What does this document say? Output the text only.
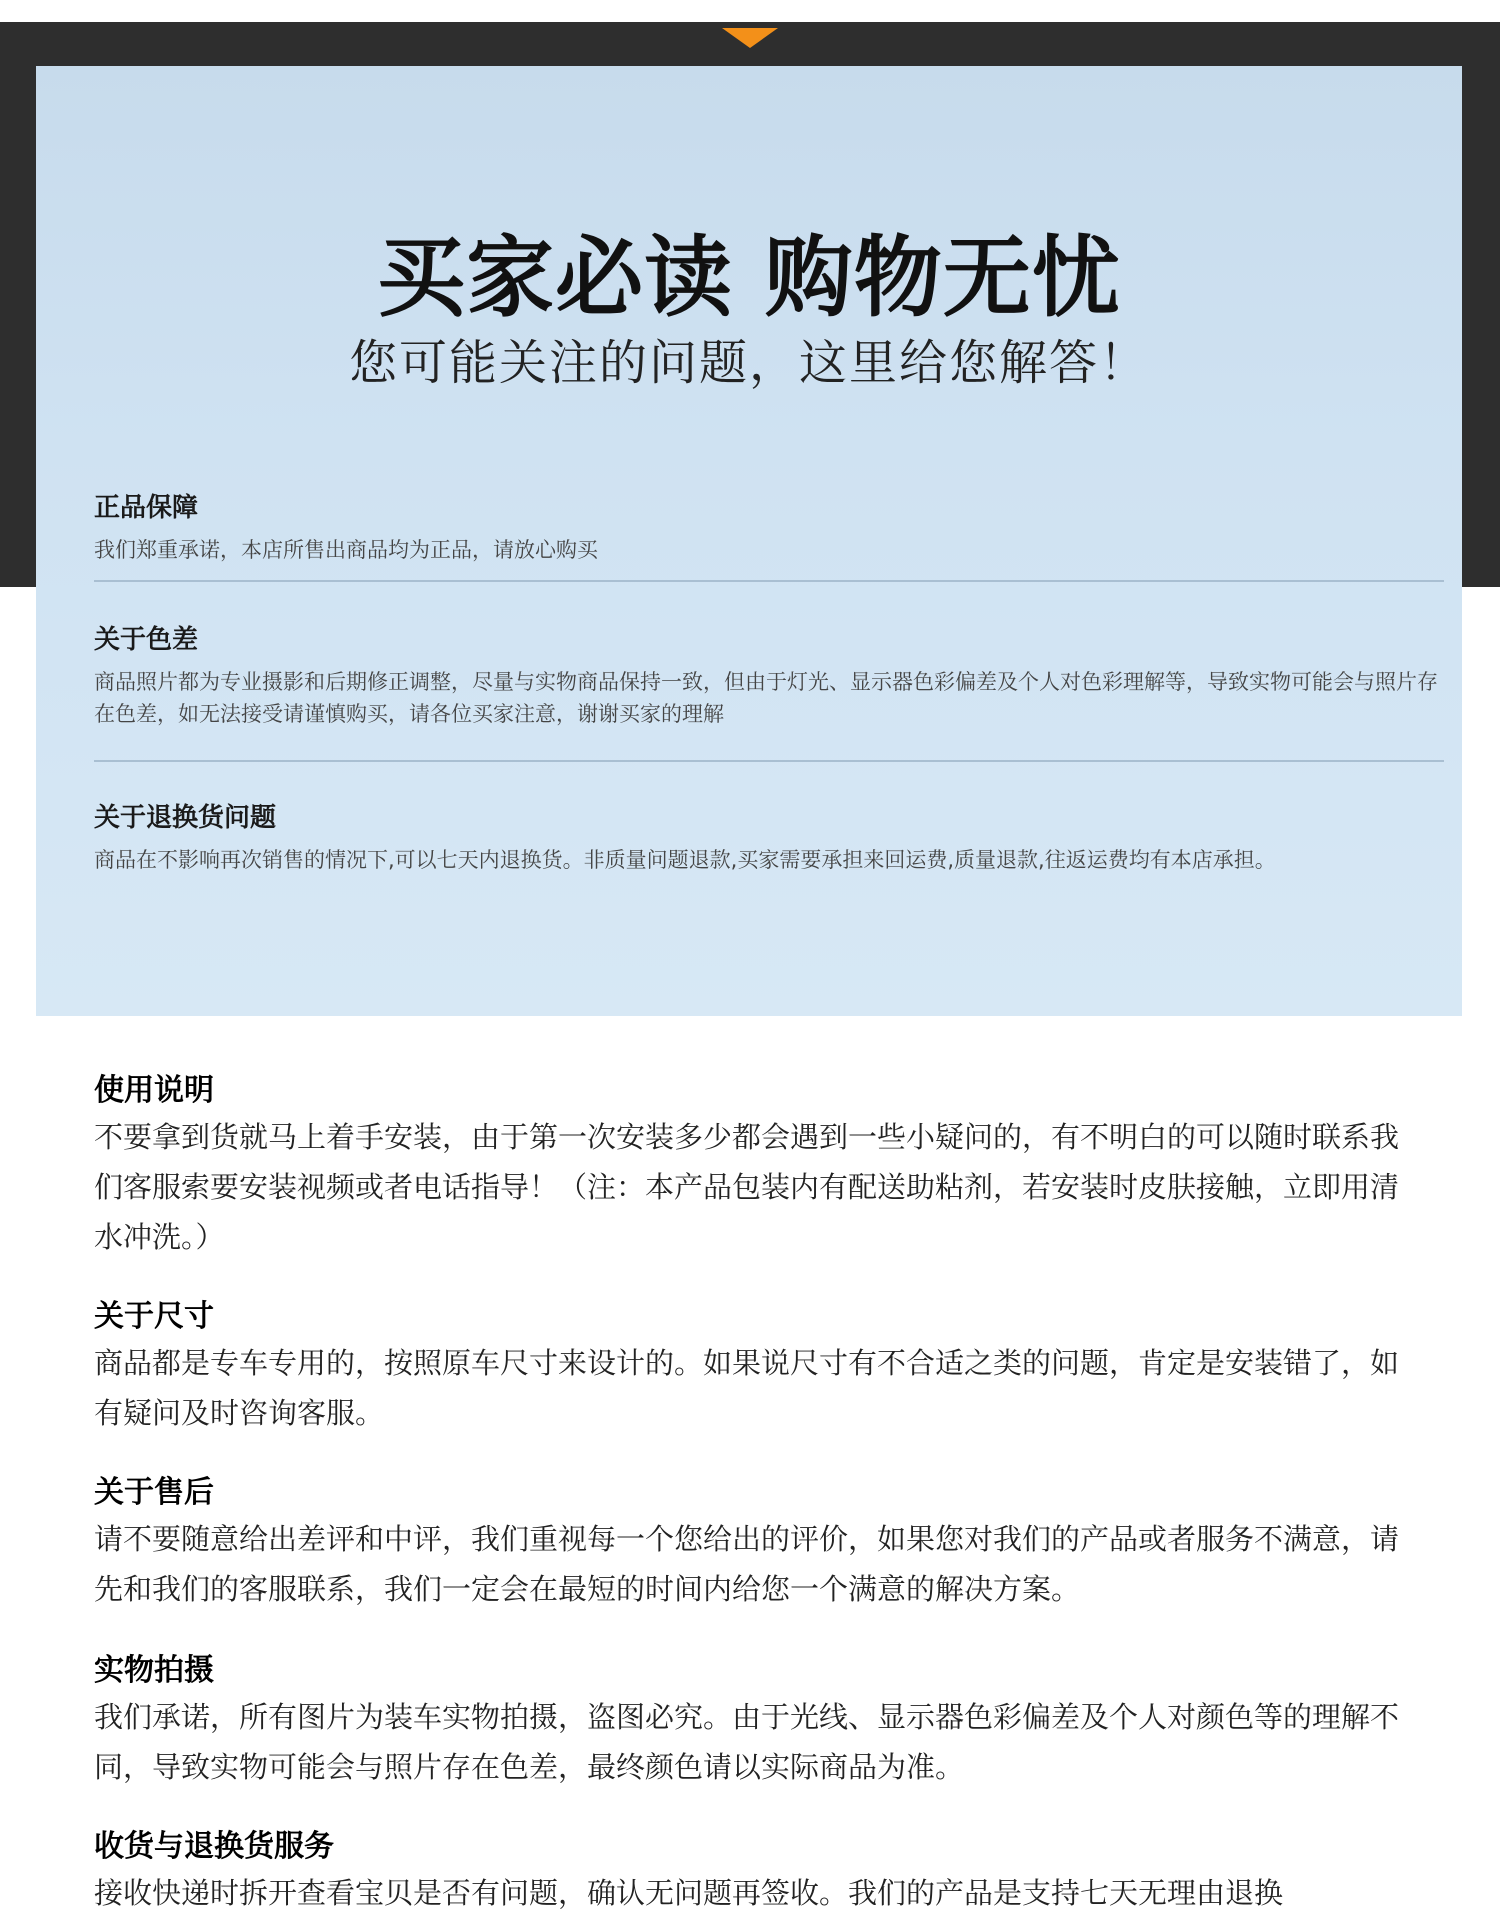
买家必读 购物无忧
您可能关注的问题，这里给您解答！

正品保障

我们郑重承诺，本店所售出商品均为正品，请放心购买

关于色差

商品照片都为专业摄影和后期修正调整，尽量与实物商品保持一致，但由于灯光、显示器色彩偏差及个人对色彩理解等，导致实物可能会与照片存在色差，如无法接受请谨慎购买，请各位买家注意，谢谢买家的理解

关于退换货问题

商品在不影响再次销售的情况下,可以七天内退换货。非质量问题退款,买家需要承担来回运费,质量退款,往返运费均有本店承担。

使用说明

不要拿到货就马上着手安装，由于第一次安装多少都会遇到一些小疑问的，有不明白的可以随时联系我们客服索要安装视频或者电话指导！（注：本产品包装内有配送助粘剂，若安装时皮肤接触，立即用清水冲洗。）

关于尺寸

商品都是专车专用的，按照原车尺寸来设计的。如果说尺寸有不合适之类的问题，肯定是安装错了，如有疑问及时咨询客服。

关于售后

请不要随意给出差评和中评，我们重视每一个您给出的评价，如果您对我们的产品或者服务不满意，请先和我们的客服联系，我们一定会在最短的时间内给您一个满意的解决方案。

实物拍摄

我们承诺，所有图片为装车实物拍摄，盗图必究。由于光线、显示器色彩偏差及个人对颜色等的理解不同，导致实物可能会与照片存在色差，最终颜色请以实际商品为准。

收货与退换货服务

接收快递时拆开查看宝贝是否有问题，确认无问题再签收。我们的产品是支持七天无理由退换
